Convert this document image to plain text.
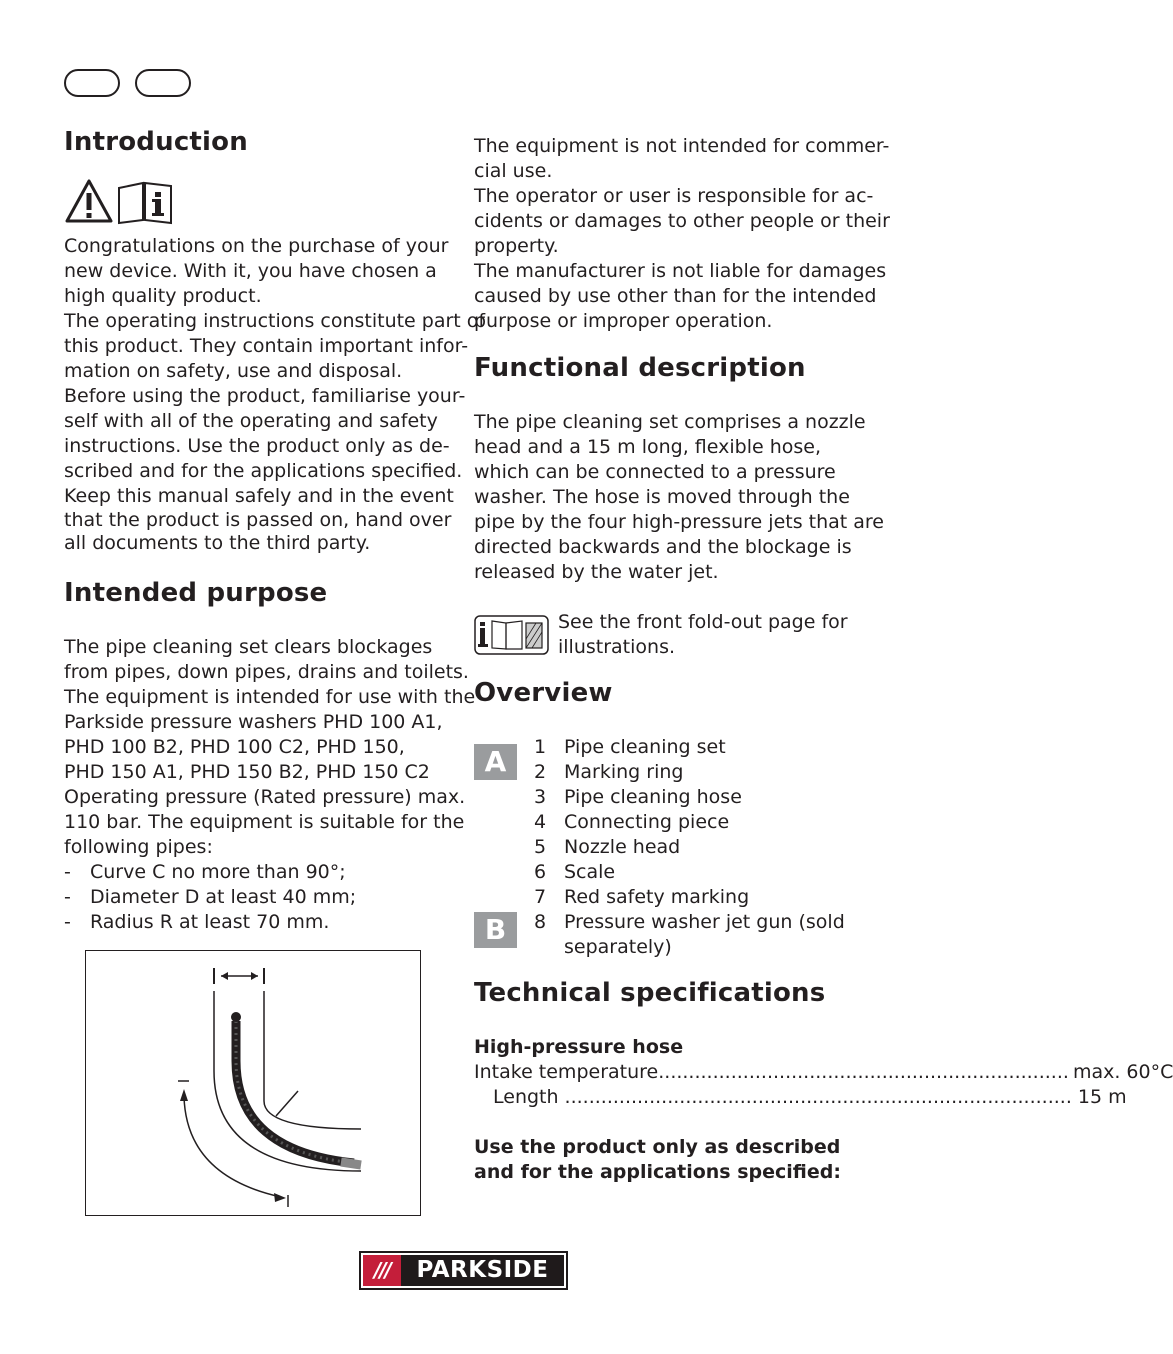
Introduction
Congratulations on the purchase of your
new device. With it, you have chosen a
high quality product.
The operating instructions constitute part of
this product. They contain important infor-
mation on safety, use and disposal.
Before using the product, familiarise your-
self with all of the operating and safety
instructions. Use the product only as de-
scribed and for the applications specified.
Keep this manual safely and in the event
that the product is passed on, hand over
all documents to the third party.
Intended purpose
The pipe cleaning set clears blockages
from pipes, down pipes, drains and toilets.
The equipment is intended for use with the
Parkside pressure washers PHD 100 A1,
PHD 100 B2, PHD 100 C2, PHD 150,
PHD 150 A1, PHD 150 B2, PHD 150 C2
Operating pressure (Rated pressure) max.
110 bar. The equipment is suitable for the
following pipes:
-	Curve C no more than 90°;
-	Diameter D at least 40 mm;
-	Radius R at least 70 mm.
The equipment is not intended for commer-
cial use.
The operator or user is responsible for ac-
cidents or damages to other people or their
property.
The manufacturer is not liable for damages
caused by use other than for the intended
purpose or improper operation.
Functional description
The pipe cleaning set comprises a nozzle
head and a 15 m long, flexible hose,
which can be connected to a pressure
washer. The hose is moved through the
pipe by the four high-pressure jets that are
directed backwards and the blockage is
released by the water jet.
See the front fold-out page for
illustrations.
Overview
A
B
1 Pipe cleaning set
2 Marking ring
3 Pipe cleaning hose
4 Connecting piece
5 Nozzle head
6 Scale
7 Red safety marking
8 Pressure washer jet gun (sold
separately)
Technical specifications
High-pressure hose
Intake temperature .................................................................... max. 60°C
Length .................................................................................... 15 m
Use the product only as described
and for the applications specified:
///	PARKSIDE
